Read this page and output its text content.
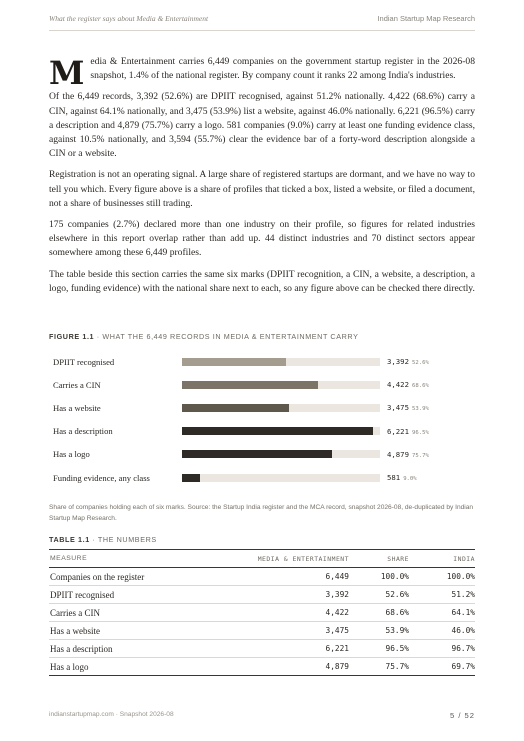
What the register says about Media & Entertainment	Indian Startup Map Research

Media & Entertainment carries 6,449 companies on the government startup register in the 2026-08 snapshot, 1.4% of the national register. By company count it ranks 22 among India's industries.

Of the 6,449 records, 3,392 (52.6%) are DPIIT recognised, against 51.2% nationally. 4,422 (68.6%) carry a CIN, against 64.1% nationally, and 3,475 (53.9%) list a website, against 46.0% nationally. 6,221 (96.5%) carry a description and 4,879 (75.7%) carry a logo. 581 companies (9.0%) carry at least one funding evidence class, against 10.5% nationally, and 3,594 (55.7%) clear the evidence bar of a forty-word description alongside a CIN or a website.

Registration is not an operating signal. A large share of registered startups are dormant, and we have no way to tell you which. Every figure above is a share of profiles that ticked a box, listed a website, or filed a document, not a share of businesses still trading.

175 companies (2.7%) declared more than one industry on their profile, so figures for related industries elsewhere in this report overlap rather than add up. 44 distinct industries and 70 distinct sectors appear somewhere among these 6,449 profiles.

The table beside this section carries the same six marks (DPIIT recognition, a CIN, a website, a description, a logo, funding evidence) with the national share next to each, so any figure above can be checked there directly.

FIGURE 1.1 · WHAT THE 6,449 RECORDS IN MEDIA & ENTERTAINMENT CARRY
DPIIT recognised	3,392 52.6%
Carries a CIN	4,422 68.6%
Has a website	3,475 53.9%
Has a description	6,221 96.5%
Has a logo	4,879 75.7%
Funding evidence, any class	581 9.0%
Share of companies holding each of six marks. Source: the Startup India register and the MCA record, snapshot 2026-08, de-duplicated by Indian Startup Map Research.
TABLE 1.1 · THE NUMBERS
MEASURE	MEDIA & ENTERTAINMENT	SHARE	INDIA
Companies on the register	6,449	100.0%	100.0%
DPIIT recognised	3,392	52.6%	51.2%
Carries a CIN	4,422	68.6%	64.1%
Has a website	3,475	53.9%	46.0%
Has a description	6,221	96.5%	96.7%
Has a logo	4,879	75.7%	69.7%
indianstartupmap.com · Snapshot 2026-08	5 / 52
